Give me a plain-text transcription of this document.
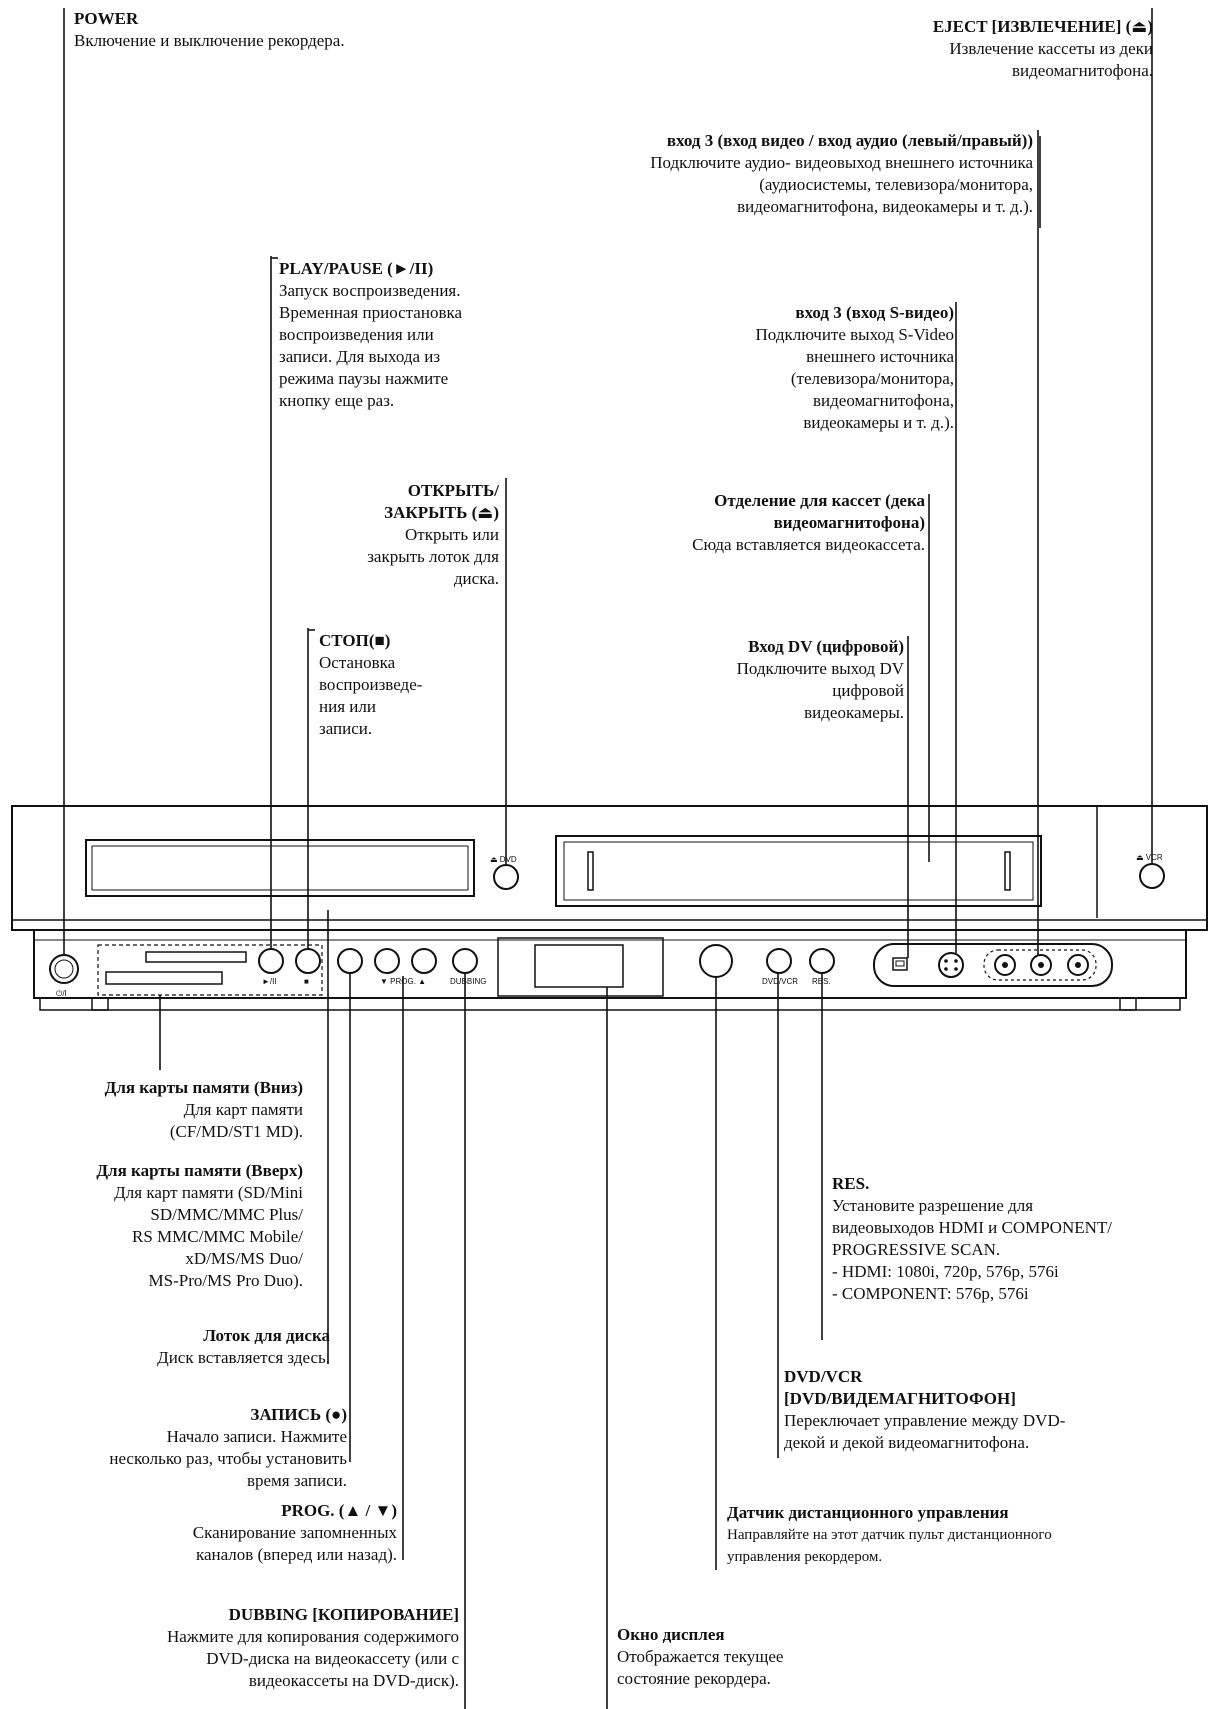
POWER
Включение и выключение рекордера.
EJECT [ИЗВЛЕЧЕНИЕ] (⏏)
Извлечение кассеты из деки
видеомагнитофона.
вход 3 (вход видео / вход аудио (левый/правый))
Подключите аудио- видеовыход внешнего источника
(аудиосистемы, телевизора/монитора,
видеомагнитофона, видеокамеры и т. д.).
PLAY/PAUSE (►/II)
Запуск воспроизведения.
Временная приостановка
воспроизведения или
записи. Для выхода из
режима паузы нажмите
кнопку еще раз.
вход 3 (вход S-видео)
Подключите выход S-Video
внешнего источника
(телевизора/монитора,
видеомагнитофона,
видеокамеры и т. д.).
ОТКРЫТЬ/
ЗАКРЫТЬ (⏏)
Открыть или
закрыть лоток для
диска.
Отделение для кассет (дека
видеомагнитофона)
Сюда вставляется видеокассета.
СТОП(■)
Остановка
воспроизведе-
ния или
записи.
Вход DV (цифровой)
Подключите выход DV
цифровой
видеокамеры.
Для карты памяти (Вниз)
Для карт памяти
(CF/MD/ST1 MD).
Для карты памяти (Вверх)
Для карт памяти (SD/Mini
SD/MMC/MMC Plus/
RS MMC/MMC Mobile/
xD/MS/MS Duo/
MS-Pro/MS Pro Duo).
RES.
Установите разрешение для
видеовыходов HDMI и COMPONENT/
PROGRESSIVE SCAN.
- HDMI: 1080i, 720p, 576p, 576i
- COMPONENT: 576p, 576i
Лоток для диска
Диск вставляется здесь.
DVD/VCR
[DVD/ВИДЕМАГНИТОФОН]
Переключает управление между DVD-
декой и декой видеомагнитофона.
ЗАПИСЬ (●)
Начало записи. Нажмите
несколько раз, чтобы установить
время записи.
Датчик дистанционного управления
Направляйте на этот датчик пульт дистанционного
управления рекордером.
PROG. (▲ / ▼)
Сканирование запомненных
каналов (вперед или назад).
DUBBING [КОПИРОВАНИЕ]
Нажмите для копирования содержимого
DVD-диска на видеокассету (или с
видеокассеты на DVD-диск).
Окно дисплея
Отображается текущее
состояние рекордера.
⏻/I
►/II	■	▼ PROG. ▲	DUBBING
⏏ DVD	⏏ VCR
DVD/VCR RES.
